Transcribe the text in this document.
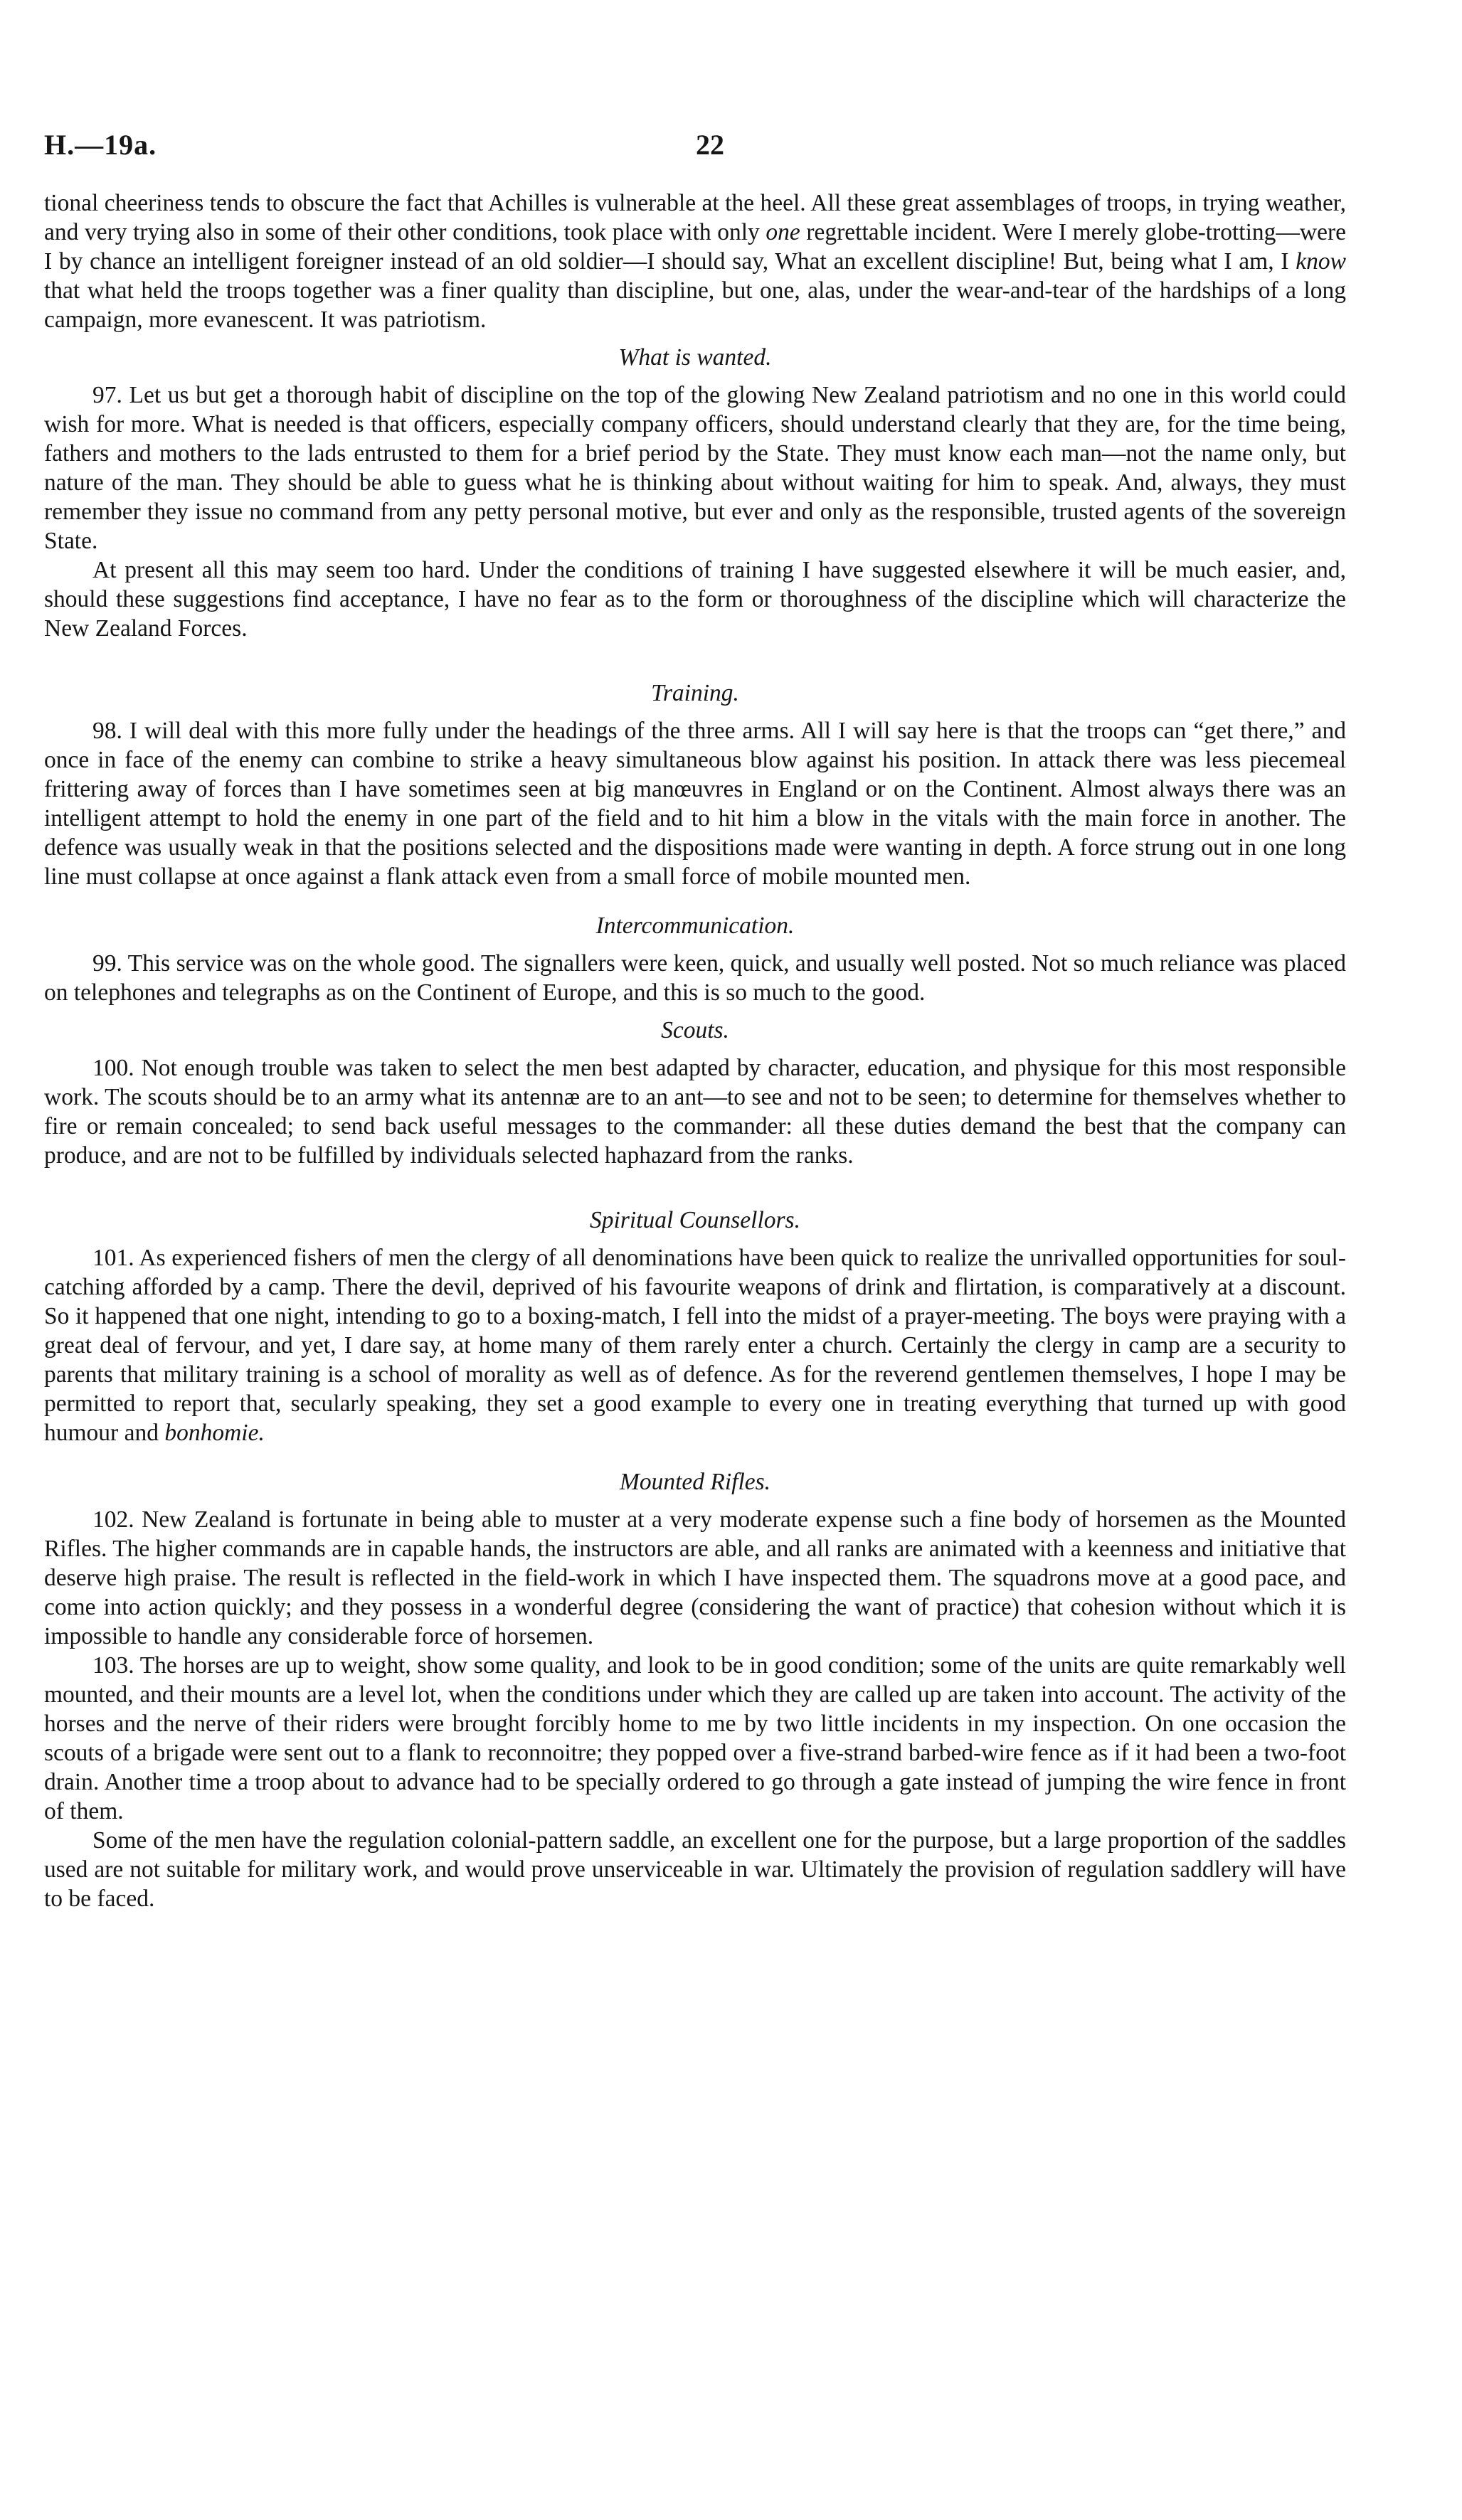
H.—19a.	22

tional cheeriness tends to obscure the fact that Achilles is vulnerable at the heel. All these great assemblages of troops, in trying weather, and very trying also in some of their other conditions, took place with only one regrettable incident. Were I merely globe-trotting—were I by chance an intelligent foreigner instead of an old soldier—I should say, What an excellent discipline! But, being what I am, I know that what held the troops together was a finer quality than discipline, but one, alas, under the wear-and-tear of the hardships of a long campaign, more evanescent. It was patriotism.

What is wanted.

97. Let us but get a thorough habit of discipline on the top of the glowing New Zealand patriotism and no one in this world could wish for more. What is needed is that officers, especially company officers, should understand clearly that they are, for the time being, fathers and mothers to the lads entrusted to them for a brief period by the State. They must know each man—not the name only, but nature of the man. They should be able to guess what he is thinking about without waiting for him to speak. And, always, they must remember they issue no command from any petty personal motive, but ever and only as the responsible, trusted agents of the sovereign State.

At present all this may seem too hard. Under the conditions of training I have suggested elsewhere it will be much easier, and, should these suggestions find acceptance, I have no fear as to the form or thoroughness of the discipline which will characterize the New Zealand Forces.

Training.

98. I will deal with this more fully under the headings of the three arms. All I will say here is that the troops can “get there,” and once in face of the enemy can combine to strike a heavy simultaneous blow against his position. In attack there was less piecemeal frittering away of forces than I have sometimes seen at big manœuvres in England or on the Continent. Almost always there was an intelligent attempt to hold the enemy in one part of the field and to hit him a blow in the vitals with the main force in another. The defence was usually weak in that the positions selected and the dispositions made were wanting in depth. A force strung out in one long line must collapse at once against a flank attack even from a small force of mobile mounted men.

Intercommunication.

99. This service was on the whole good. The signallers were keen, quick, and usually well posted. Not so much reliance was placed on telephones and telegraphs as on the Continent of Europe, and this is so much to the good.

Scouts.

100. Not enough trouble was taken to select the men best adapted by character, education, and physique for this most responsible work. The scouts should be to an army what its antennæ are to an ant—to see and not to be seen; to determine for themselves whether to fire or remain concealed; to send back useful messages to the commander: all these duties demand the best that the company can produce, and are not to be fulfilled by individuals selected haphazard from the ranks.

Spiritual Counsellors.

101. As experienced fishers of men the clergy of all denominations have been quick to realize the unrivalled opportunities for soul-catching afforded by a camp. There the devil, deprived of his favourite weapons of drink and flirtation, is comparatively at a discount. So it happened that one night, intending to go to a boxing-match, I fell into the midst of a prayer-meeting. The boys were praying with a great deal of fervour, and yet, I dare say, at home many of them rarely enter a church. Certainly the clergy in camp are a security to parents that military training is a school of morality as well as of defence. As for the reverend gentlemen themselves, I hope I may be permitted to report that, secularly speaking, they set a good example to every one in treating everything that turned up with good humour and bonhomie.

Mounted Rifles.

102. New Zealand is fortunate in being able to muster at a very moderate expense such a fine body of horsemen as the Mounted Rifles. The higher commands are in capable hands, the instructors are able, and all ranks are animated with a keenness and initiative that deserve high praise. The result is reflected in the field-work in which I have inspected them. The squadrons move at a good pace, and come into action quickly; and they possess in a wonderful degree (considering the want of practice) that cohesion without which it is impossible to handle any considerable force of horsemen.

103. The horses are up to weight, show some quality, and look to be in good condition; some of the units are quite remarkably well mounted, and their mounts are a level lot, when the conditions under which they are called up are taken into account. The activity of the horses and the nerve of their riders were brought forcibly home to me by two little incidents in my inspection. On one occasion the scouts of a brigade were sent out to a flank to reconnoitre; they popped over a five-strand barbed-wire fence as if it had been a two-foot drain. Another time a troop about to advance had to be specially ordered to go through a gate instead of jumping the wire fence in front of them.

Some of the men have the regulation colonial-pattern saddle, an excellent one for the purpose, but a large proportion of the saddles used are not suitable for military work, and would prove unserviceable in war. Ultimately the provision of regulation saddlery will have to be faced.
